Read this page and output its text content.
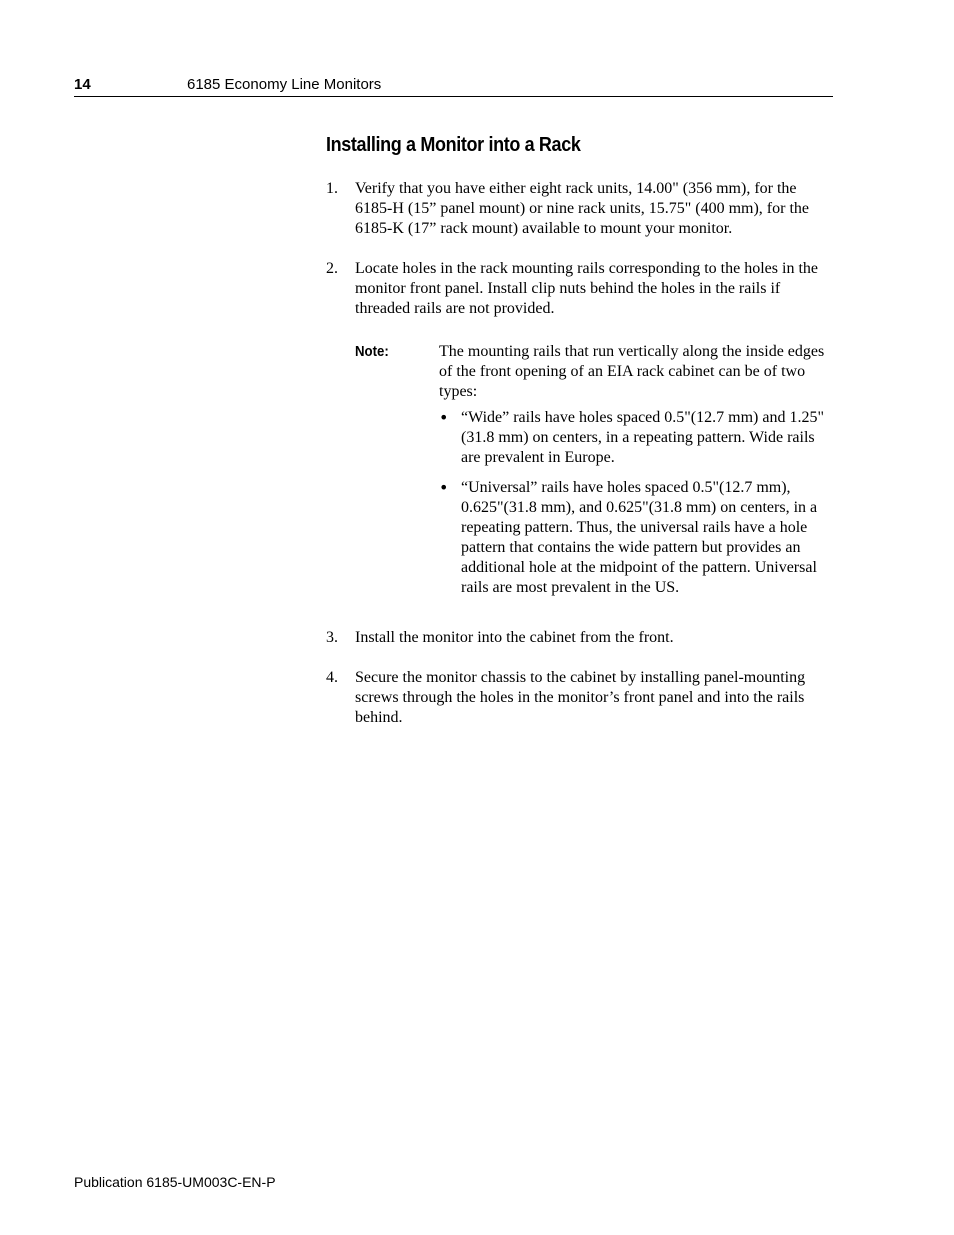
14	6185 Economy Line Monitors
Installing a Monitor into a Rack
1.	Verify that you have either eight rack units, 14.00" (356 mm), for the 6185-H (15” panel mount) or nine rack units, 15.75" (400 mm), for the 6185-K (17” rack mount) available to mount your monitor.

2.	Locate holes in the rack mounting rails corresponding to the holes in the monitor front panel. Install clip nuts behind the holes in the rails if threaded rails are not provided.

Note:	The mounting rails that run vertically along the inside edges of the front opening of an EIA rack cabinet can be of two types:

• “Wide” rails have holes spaced 0.5"(12.7 mm) and 1.25"(31.8 mm) on centers, in a repeating pattern. Wide rails are prevalent in Europe.
• “Universal” rails have holes spaced 0.5"(12.7 mm), 0.625"(31.8 mm), and 0.625"(31.8 mm) on centers, in a repeating pattern. Thus, the universal rails have a hole pattern that contains the wide pattern but provides an additional hole at the midpoint of the pattern. Universal rails are most prevalent in the US.
3.	Install the monitor into the cabinet from the front.

4.	Secure the monitor chassis to the cabinet by installing panel-mounting screws through the holes in the monitor’s front panel and into the rails behind.

Publication 6185-UM003C-EN-P
